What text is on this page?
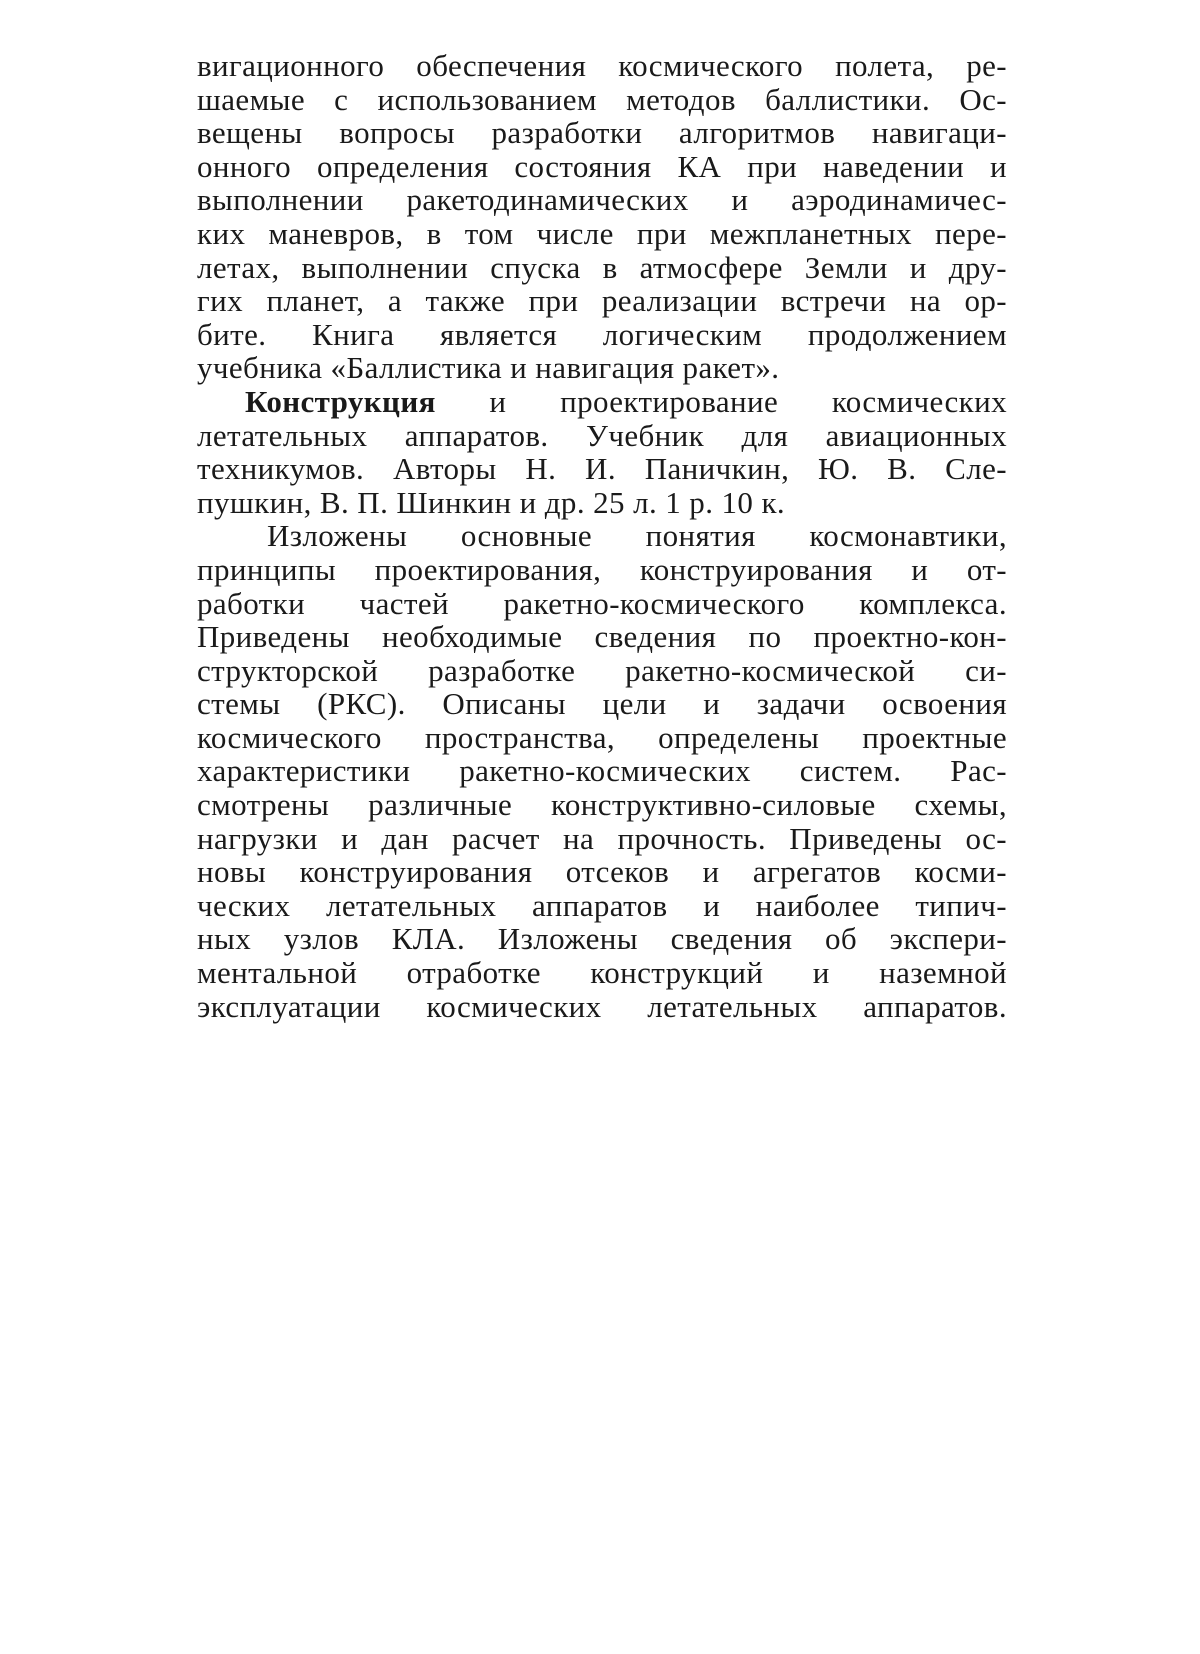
вигационного обеспечения космического полета, ре-
шаемые с использованием методов баллистики. Ос-
вещены вопросы разработки алгоритмов навигаци-
онного определения состояния КА при наведении и
выполнении ракетодинамических и аэродинамичес-
ких маневров, в том числе при межпланетных пере-
летах, выполнении спуска в атмосфере Земли и дру-
гих планет, а также при реализации встречи на ор-
бите. Книга является логическим продолжением
учебника «Баллистика и навигация ракет».
Конструкция и проектирование космических
летательных аппаратов. Учебник для авиационных
техникумов. Авторы Н. И. Паничкин, Ю. В. Сле-
пушкин, В. П. Шинкин и др. 25 л. 1 р. 10 к.
Изложены основные понятия космонавтики,
принципы проектирования, конструирования и от-
работки частей ракетно-космического комплекса.
Приведены необходимые сведения по проектно-кон-
структорской разработке ракетно-космической си-
стемы (РКС). Описаны цели и задачи освоения
космического пространства, определены проектные
характеристики ракетно-космических систем. Рас-
смотрены различные конструктивно-силовые схемы,
нагрузки и дан расчет на прочность. Приведены ос-
новы конструирования отсеков и агрегатов косми-
ческих летательных аппаратов и наиболее типич-
ных узлов КЛА. Изложены сведения об экспери-
ментальной отработке конструкций и наземной
эксплуатации космических летательных аппаратов.
